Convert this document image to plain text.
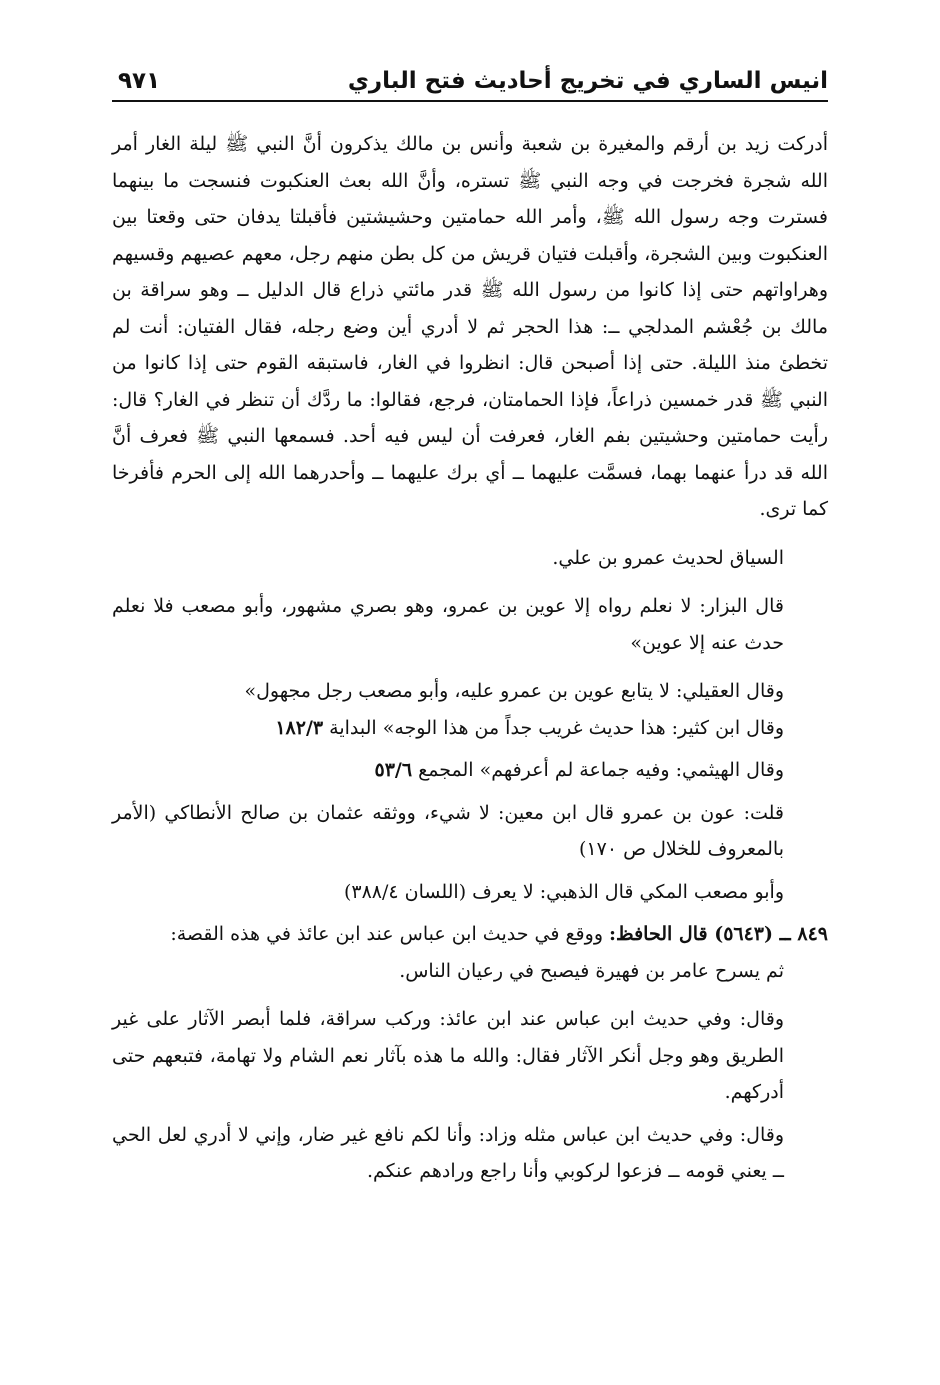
انيس الساري في تخريج أحاديث فتح الباري
٩٧١

أدركت زيد بن أرقم والمغيرة بن شعبة وأنس بن مالك يذكرون أنَّ النبي ﷺ ليلة الغار أمر الله شجرة فخرجت في وجه النبي ﷺ تستره، وأنَّ الله بعث العنكبوت فنسجت ما بينهما فسترت وجه رسول الله ﷺ، وأمر الله حمامتين وحشيشتين فأقبلتا يدفان حتى وقعتا بين العنكبوت وبين الشجرة، وأقبلت فتيان قريش من كل بطن منهم رجل، معهم عصيهم وقسيهم وهراواتهم حتى إذا كانوا من رسول الله ﷺ قدر مائتي ذراع قال الدليل ــ وهو سراقة بن مالك بن جُعْشم المدلجي ــ: هذا الحجر ثم لا أدري أين وضع رجله، فقال الفتيان: أنت لم تخطئ منذ الليلة. حتى إذا أصبحن قال: انظروا في الغار، فاستبقه القوم حتى إذا كانوا من النبي ﷺ قدر خمسين ذراعاً، فإذا الحمامتان، فرجع، فقالوا: ما ردَّك أن تنظر في الغار؟ قال: رأيت حمامتين وحشيتين بفم الغار، فعرفت أن ليس فيه أحد. فسمعها النبي ﷺ فعرف أنَّ الله قد درأ عنهما بهما، فسمَّت عليهما ــ أي برك عليهما ــ وأحدرهما الله إلى الحرم فأفرخا كما ترى.

السياق لحديث عمرو بن علي.

قال البزار: لا نعلم رواه إلا عوين بن عمرو، وهو بصري مشهور، وأبو مصعب فلا نعلم حدث عنه إلا عوين»

وقال العقيلي: لا يتابع عوين بن عمرو عليه، وأبو مصعب رجل مجهول»

وقال ابن كثير: هذا حديث غريب جداً من هذا الوجه» البداية ١٨٢/٣

وقال الهيثمي: وفيه جماعة لم أعرفهم» المجمع ٥٣/٦

قلت: عون بن عمرو قال ابن معين: لا شيء، ووثقه عثمان بن صالح الأنطاكي (الأمر بالمعروف للخلال ص ١٧٠)

وأبو مصعب المكي قال الذهبي: لا يعرف (اللسان ٣٨٨/٤)

٨٤٩ ــ (٥٦٤٣) قال الحافظ: ووقع في حديث ابن عباس عند ابن عائذ في هذه القصة:

ثم يسرح عامر بن فهيرة فيصبح في رعيان الناس.

وقال: وفي حديث ابن عباس عند ابن عائذ: وركب سراقة، فلما أبصر الآثار على غير الطريق وهو وجل أنكر الآثار فقال: والله ما هذه بآثار نعم الشام ولا تهامة، فتبعهم حتى أدركهم.

وقال: وفي حديث ابن عباس مثله وزاد: وأنا لكم نافع غير ضار، وإني لا أدري لعل الحي ــ يعني قومه ــ فزعوا لركوبي وأنا راجع ورادهم عنكم.
